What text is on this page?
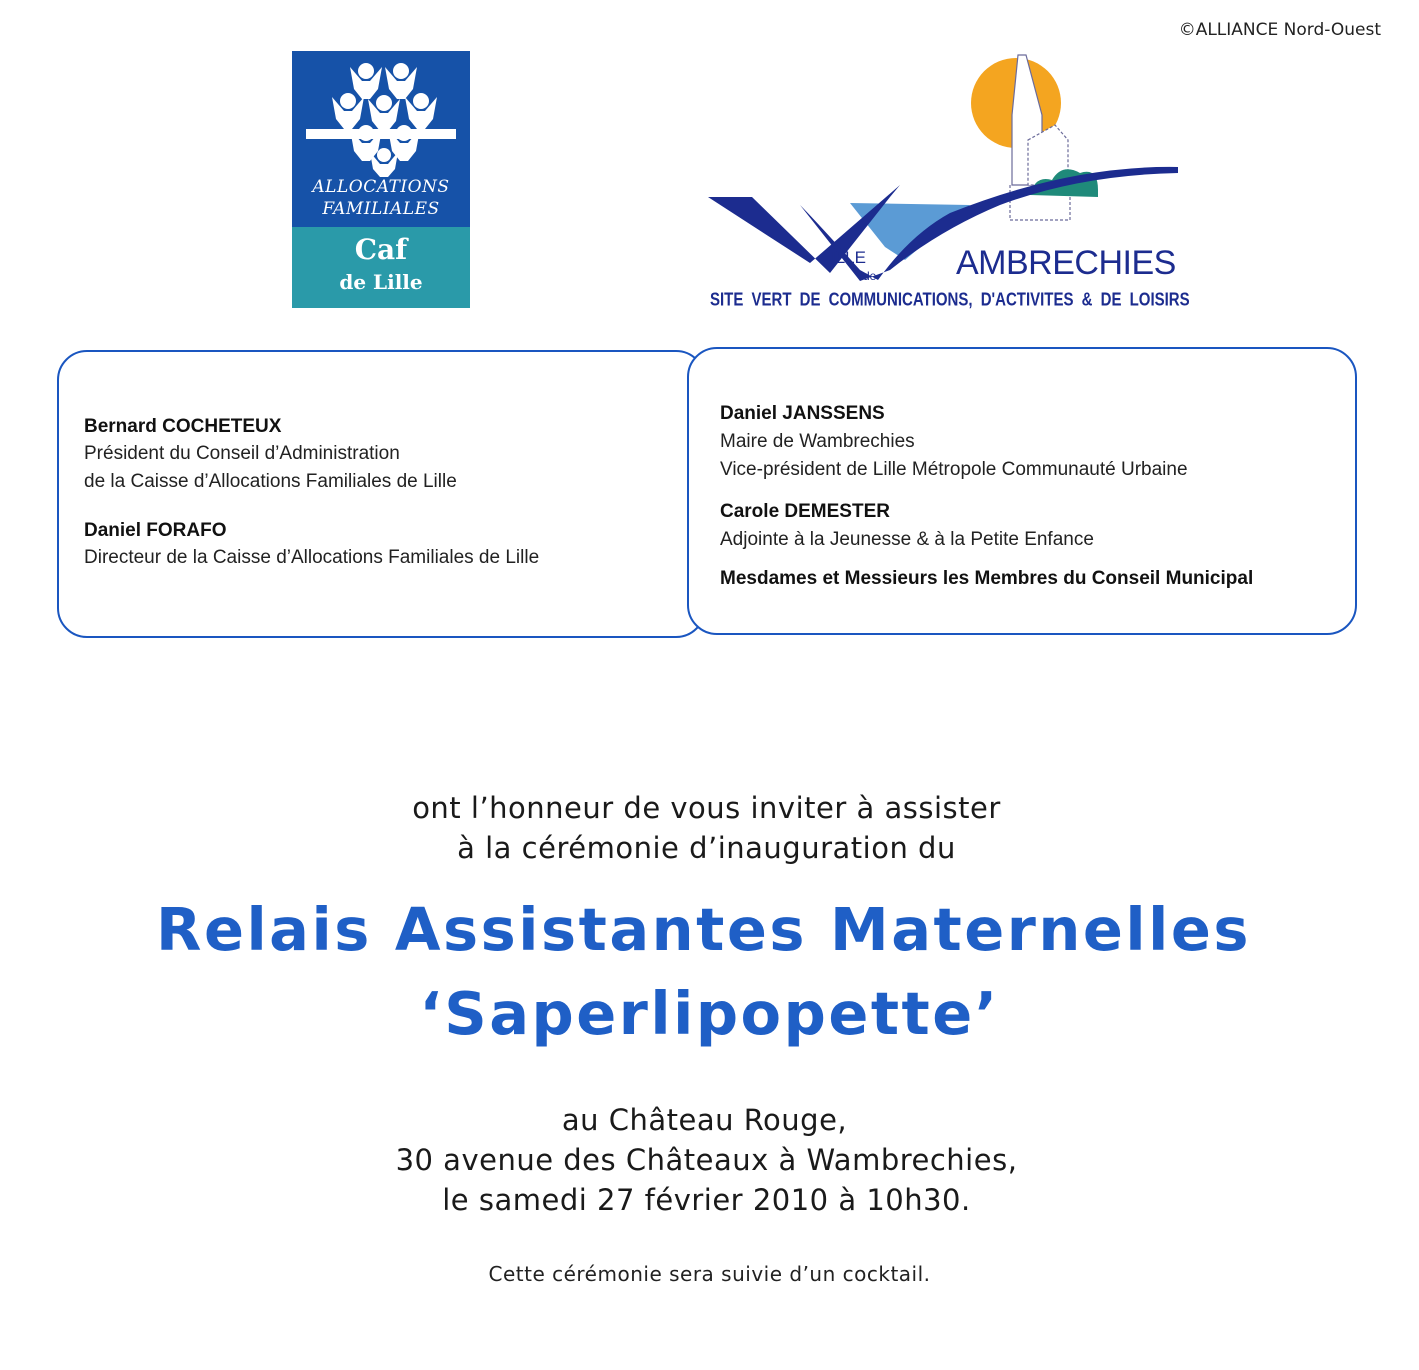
©ALLIANCE Nord-Ouest
ALLOCATIONS
FAMILIALES
Caf
de Lille
ILLE
de AMBRECHIES
SITE VERT DE COMMUNICATIONS, D'ACTIVITES & DE LOISIRS

Bernard COCHETEUX

Président du Conseil d’Administration

de la Caisse d’Allocations Familiales de Lille

Daniel FORAFO

Directeur de la Caisse d’Allocations Familiales de Lille

Daniel JANSSENS

Maire de Wambrechies

Vice-président de Lille Métropole Communauté Urbaine

Carole DEMESTER

Adjointe à la Jeunesse & à la Petite Enfance

Mesdames et Messieurs les Membres du Conseil Municipal

ont l’honneur de vous inviter à assister
à la cérémonie d’inauguration du
Relais Assistantes Maternelles
‘Saperlipopette’
au Château Rouge,
30 avenue des Châteaux à Wambrechies,
le samedi 27 février 2010 à 10h30.
Cette cérémonie sera suivie d’un cocktail.
